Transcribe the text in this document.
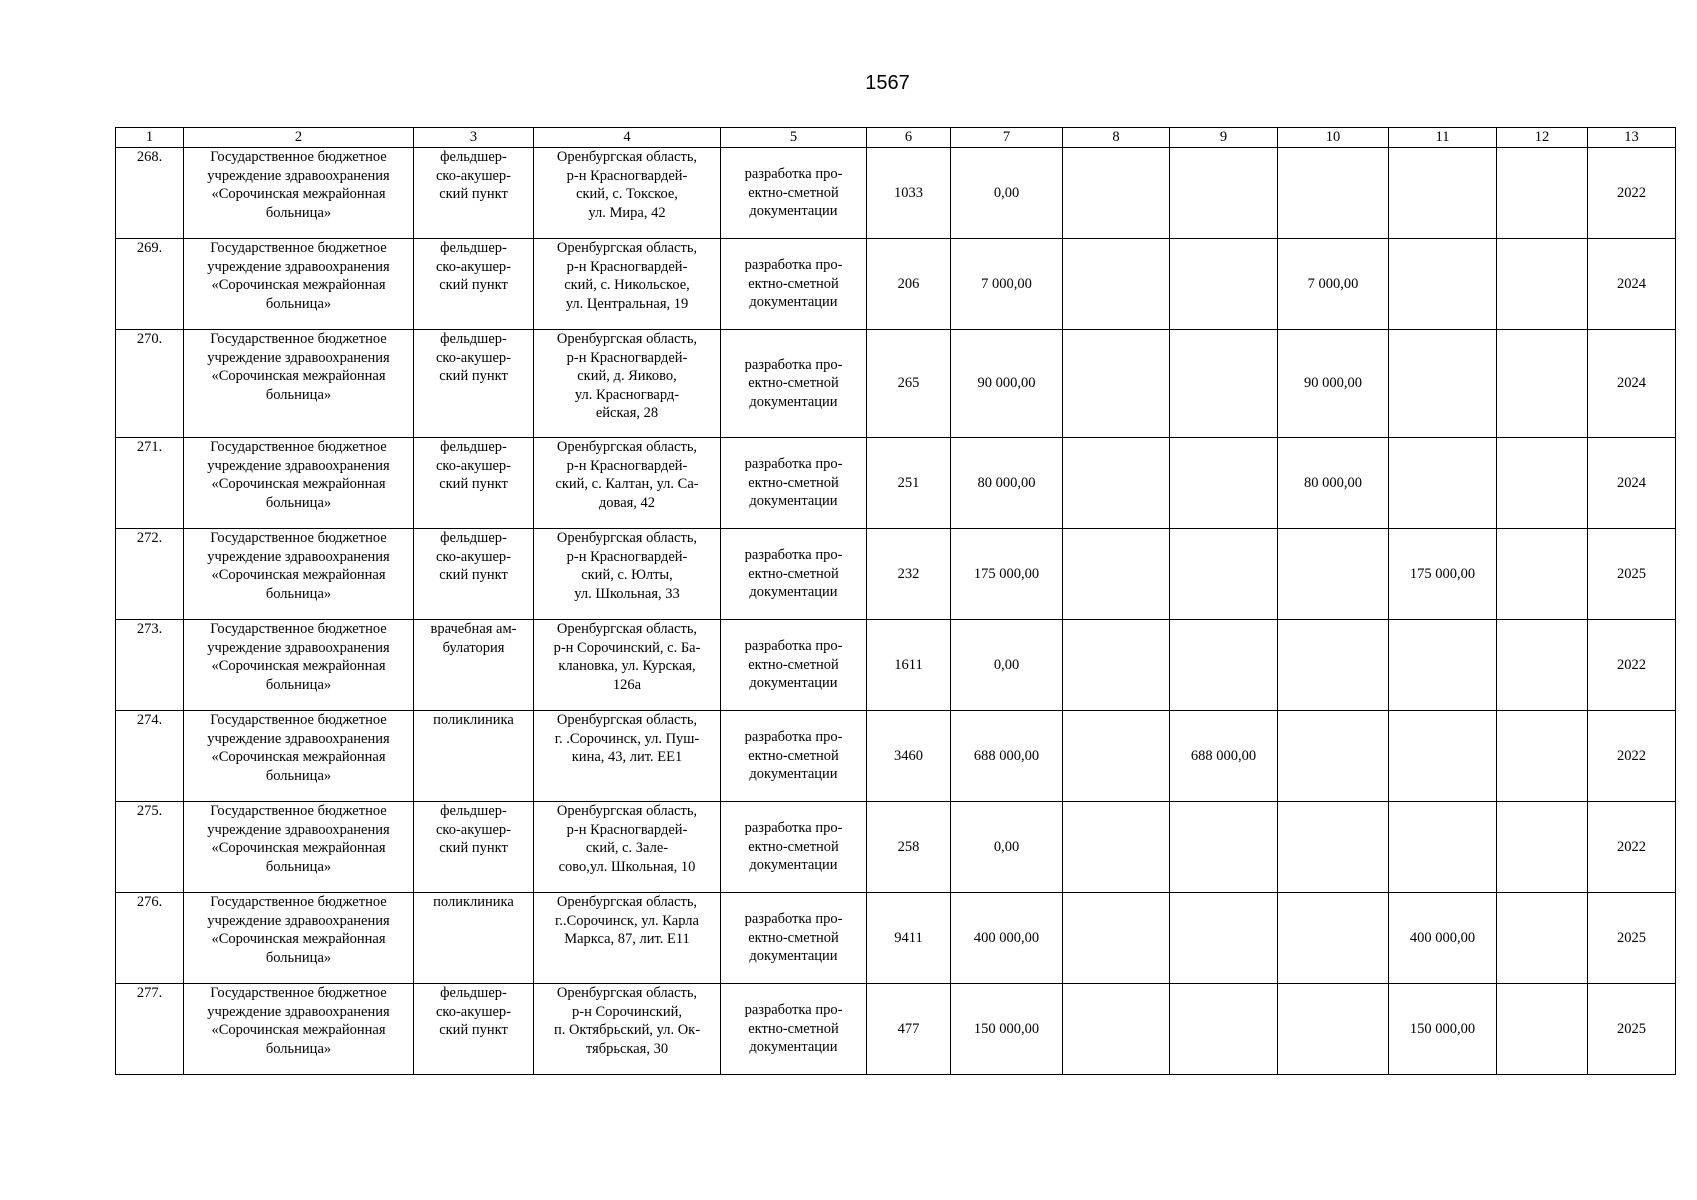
1567
1	2	3	4	5	6	7	8	9	10	11	12	13
268.	Государственное бюджетное
учреждение здравоохранения
«Сорочинская межрайонная
больница»	фельдшер-
ско-акушер-
ский пункт	Оренбургская область,
р-н Красногвардей-
ский, с. Токское,
ул. Мира, 42	разработка про-
ектно-сметной
документации	1033	0,00						2022
269.	Государственное бюджетное
учреждение здравоохранения
«Сорочинская межрайонная
больница»	фельдшер-
ско-акушер-
ский пункт	Оренбургская область,
р-н Красногвардей-
ский, с. Никольское,
ул. Центральная, 19	разработка про-
ектно-сметной
документации	206	7 000,00			7 000,00			2024
270.	Государственное бюджетное
учреждение здравоохранения
«Сорочинская межрайонная
больница»	фельдшер-
ско-акушер-
ский пункт	Оренбургская область,
р-н Красногвардей-
ский, д. Яиково,
ул. Красногвард-
ейская, 28	разработка про-
ектно-сметной
документации	265	90 000,00			90 000,00			2024
271.	Государственное бюджетное
учреждение здравоохранения
«Сорочинская межрайонная
больница»	фельдшер-
ско-акушер-
ский пункт	Оренбургская область,
р-н Красногвардей-
ский, с. Калтан, ул. Са-
довая, 42	разработка про-
ектно-сметной
документации	251	80 000,00			80 000,00			2024
272.	Государственное бюджетное
учреждение здравоохранения
«Сорочинская межрайонная
больница»	фельдшер-
ско-акушер-
ский пункт	Оренбургская область,
р-н Красногвардей-
ский, с. Юлты,
ул. Школьная, 33	разработка про-
ектно-сметной
документации	232	175 000,00				175 000,00		2025
273.	Государственное бюджетное
учреждение здравоохранения
«Сорочинская межрайонная
больница»	врачебная ам-
булатория	Оренбургская область,
р-н Сорочинский, с. Ба-
клановка, ул. Курская,
126а	разработка про-
ектно-сметной
документации	1611	0,00						2022
274.	Государственное бюджетное
учреждение здравоохранения
«Сорочинская межрайонная
больница»	поликлиника	Оренбургская область,
г. .Сорочинск, ул. Пуш-
кина, 43, лит. ЕЕ1	разработка про-
ектно-сметной
документации	3460	688 000,00		688 000,00				2022
275.	Государственное бюджетное
учреждение здравоохранения
«Сорочинская межрайонная
больница»	фельдшер-
ско-акушер-
ский пункт	Оренбургская область,
р-н Красногвардей-
ский, с. Зале-
сово,ул. Школьная, 10	разработка про-
ектно-сметной
документации	258	0,00						2022
276.	Государственное бюджетное
учреждение здравоохранения
«Сорочинская межрайонная
больница»	поликлиника	Оренбургская область,
г..Сорочинск, ул. Карла
Маркса, 87, лит. Е11	разработка про-
ектно-сметной
документации	9411	400 000,00				400 000,00		2025
277.	Государственное бюджетное
учреждение здравоохранения
«Сорочинская межрайонная
больница»	фельдшер-
ско-акушер-
ский пункт	Оренбургская область,
р-н Сорочинский,
п. Октябрьский, ул. Ок-
тябрьская, 30	разработка про-
ектно-сметной
документации	477	150 000,00				150 000,00		2025
